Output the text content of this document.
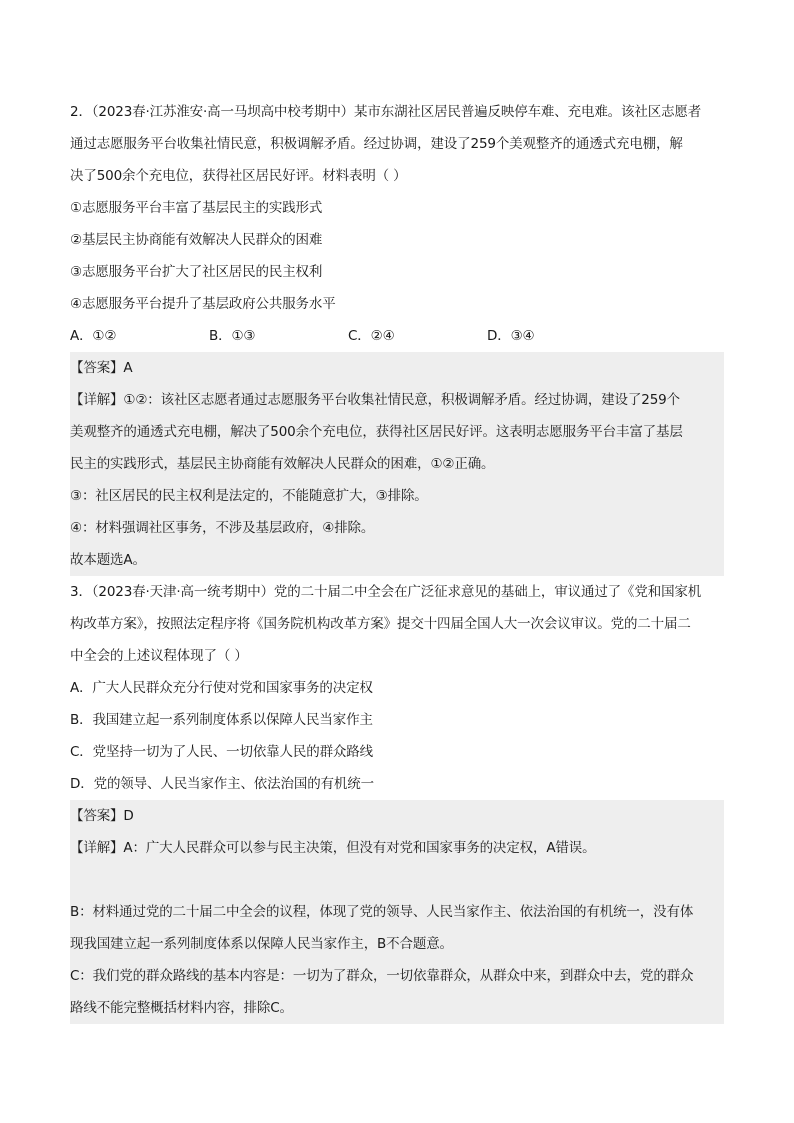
2．（2023春·江苏淮安·高一马坝高中校考期中）某市东湖社区居民普遍反映停车难、充电难。该社区志愿者
通过志愿服务平台收集社情民意，积极调解矛盾。经过协调，建设了259个美观整齐的通透式充电棚，解
决了500余个充电位，获得社区居民好评。材料表明（ ）
①志愿服务平台丰富了基层民主的实践形式
②基层民主协商能有效解决人民群众的困难
③志愿服务平台扩大了社区居民的民主权利
④志愿服务平台提升了基层政府公共服务水平
A．①②	B．①③	C．②④	D．③④
【答案】A
【详解】①②：该社区志愿者通过志愿服务平台收集社情民意，积极调解矛盾。经过协调，建设了259个
美观整齐的通透式充电棚，解决了500余个充电位，获得社区居民好评。这表明志愿服务平台丰富了基层
民主的实践形式，基层民主协商能有效解决人民群众的困难，①②正确。
③：社区居民的民主权利是法定的，不能随意扩大，③排除。
④：材料强调社区事务，不涉及基层政府，④排除。
故本题选A。
3．（2023春·天津·高一统考期中）党的二十届二中全会在广泛征求意见的基础上，审议通过了《党和国家机
构改革方案》，按照法定程序将《国务院机构改革方案》提交十四届全国人大一次会议审议。党的二十届二
中全会的上述议程体现了（ ）
A．广大人民群众充分行使对党和国家事务的决定权
B．我国建立起一系列制度体系以保障人民当家作主
C．党坚持一切为了人民、一切依靠人民的群众路线
D．党的领导、人民当家作主、依法治国的有机统一
【答案】D
【详解】A：广大人民群众可以参与民主决策，但没有对党和国家事务的决定权，A错误。
B：材料通过党的二十届二中全会的议程，体现了党的领导、人民当家作主、依法治国的有机统一，没有体
现我国建立起一系列制度体系以保障人民当家作主，B不合题意。
C：我们党的群众路线的基本内容是：一切为了群众，一切依靠群众，从群众中来，到群众中去，党的群众
路线不能完整概括材料内容，排除C。
